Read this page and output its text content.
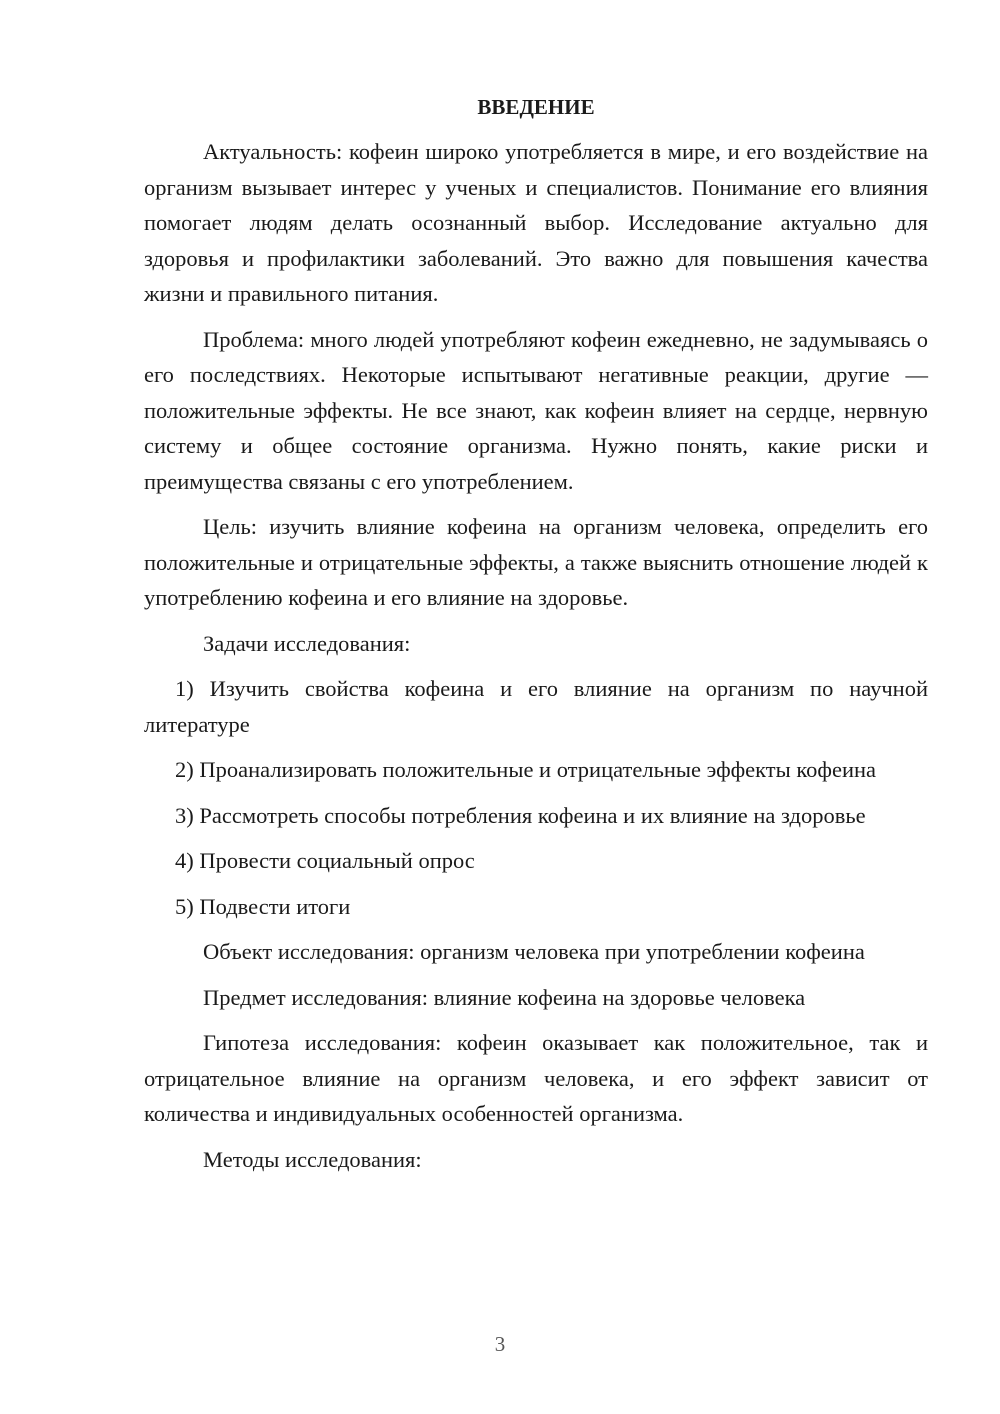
ВВЕДЕНИЕ

Актуальность: кофеин широко употребляется в мире, и его воздействие на организм вызывает интерес у ученых и специалистов. Понимание его влияния помогает людям делать осознанный выбор. Исследование актуально для здоровья и профилактики заболеваний. Это важно для повышения качества жизни и правильного питания.

Проблема: много людей употребляют кофеин ежедневно, не задумываясь о его последствиях. Некоторые испытывают негативные реакции, другие — положительные эффекты. Не все знают, как кофеин влияет на сердце, нервную систему и общее состояние организма. Нужно понять, какие риски и преимущества связаны с его употреблением.

Цель: изучить влияние кофеина на организм человека, определить его положительные и отрицательные эффекты, а также выяснить отношение людей к употреблению кофеина и его влияние на здоровье.

Задачи исследования:

1) Изучить свойства кофеина и его влияние на организм по научной литературе

2) Проанализировать положительные и отрицательные эффекты кофеина

3) Рассмотреть способы потребления кофеина и их влияние на здоровье

4) Провести социальный опрос

5) Подвести итоги

Объект исследования: организм человека при употреблении кофеина

Предмет исследования: влияние кофеина на здоровье человека

Гипотеза исследования: кофеин оказывает как положительное, так и отрицательное влияние на организм человека, и его эффект зависит от количества и индивидуальных особенностей организма.

Методы исследования:

3
